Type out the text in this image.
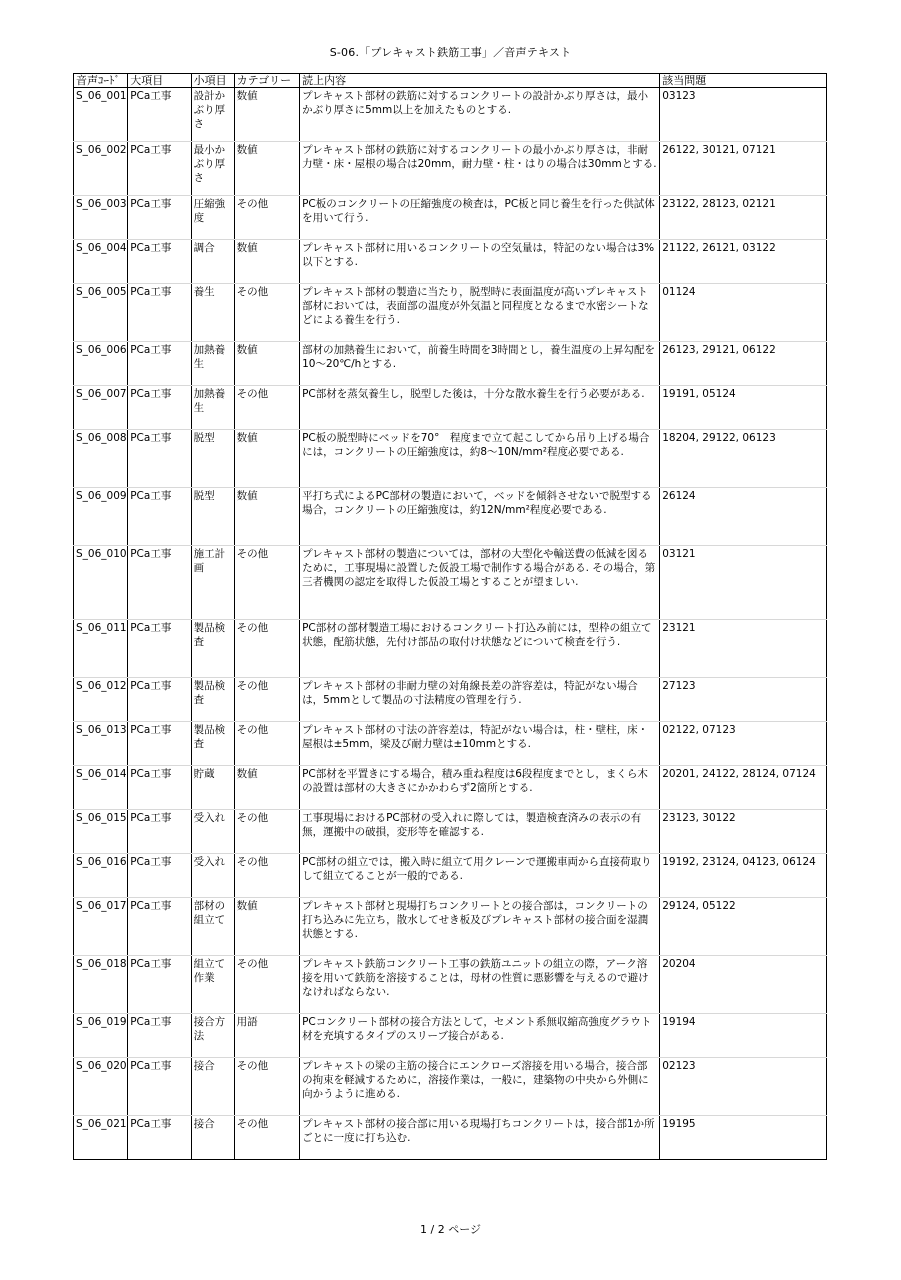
S-06.「プレキャスト鉄筋工事」／音声テキスト
音声ｺｰﾄﾞ	大項目	小項目	カテゴリー	読上内容	該当問題
S_06_001	PCa工事	設計かぶり厚さ	数値	プレキャスト部材の鉄筋に対するコンクリートの設計かぶり厚さは，最小かぶり厚さに5mm以上を加えたものとする.	03123
S_06_002	PCa工事	最小かぶり厚さ	数値	プレキャスト部材の鉄筋に対するコンクリートの最小かぶり厚さは，非耐力壁・床・屋根の場合は20mm，耐力壁・柱・はりの場合は30mmとする.	26122, 30121, 07121
S_06_003	PCa工事	圧縮強度	その他	PC板のコンクリートの圧縮強度の検査は，PC板と同じ養生を行った供試体を用いて行う.	23122, 28123, 02121
S_06_004	PCa工事	調合	数値	プレキャスト部材に用いるコンクリートの空気量は，特記のない場合は3%以下とする.	21122, 26121, 03122
S_06_005	PCa工事	養生	その他	プレキャスト部材の製造に当たり，脱型時に表面温度が高いプレキャスト部材においては，表面部の温度が外気温と同程度となるまで水密シートなどによる養生を行う.	01124
S_06_006	PCa工事	加熱養生	数値	部材の加熱養生において，前養生時間を3時間とし，養生温度の上昇勾配を10～20℃/hとする.	26123, 29121, 06122
S_06_007	PCa工事	加熱養生	その他	PC部材を蒸気養生し，脱型した後は，十分な散水養生を行う必要がある.	19191, 05124
S_06_008	PCa工事	脱型	数値	PC板の脱型時にベッドを70°　程度まで立て起こしてから吊り上げる場合には，コンクリートの圧縮強度は，約8～10N/mm²程度必要である.	18204, 29122, 06123
S_06_009	PCa工事	脱型	数値	平打ち式によるPC部材の製造において，ベッドを傾斜させないで脱型する場合，コンクリートの圧縮強度は，約12N/mm²程度必要である.	26124
S_06_010	PCa工事	施工計画	その他	プレキャスト部材の製造については，部材の大型化や輸送費の低減を図るために，工事現場に設置した仮設工場で制作する場合がある. その場合，第三者機関の認定を取得した仮設工場とすることが望ましい.	03121
S_06_011	PCa工事	製品検査	その他	PC部材の部材製造工場におけるコンクリート打込み前には，型枠の組立て状態，配筋状態，先付け部品の取付け状態などについて検査を行う.	23121
S_06_012	PCa工事	製品検査	その他	プレキャスト部材の非耐力壁の対角線長差の許容差は，特記がない場合は，5mmとして製品の寸法精度の管理を行う.	27123
S_06_013	PCa工事	製品検査	その他	プレキャスト部材の寸法の許容差は，特記がない場合は，柱・壁柱，床・屋根は±5mm，梁及び耐力壁は±10mmとする.	02122, 07123
S_06_014	PCa工事	貯蔵	数値	PC部材を平置きにする場合，積み重ね程度は6段程度までとし，まくら木の設置は部材の大きさにかかわらず2箇所とする.	20201, 24122, 28124, 07124
S_06_015	PCa工事	受入れ	その他	工事現場におけるPC部材の受入れに際しては，製造検査済みの表示の有無，運搬中の破損，変形等を確認する.	23123, 30122
S_06_016	PCa工事	受入れ	その他	PC部材の組立では，搬入時に組立て用クレーンで運搬車両から直接荷取りして組立てることが一般的である.	19192, 23124, 04123, 06124
S_06_017	PCa工事	部材の組立て	数値	プレキャスト部材と現場打ちコンクリートとの接合部は，コンクリートの打ち込みに先立ち，散水してせき板及びプレキャスト部材の接合面を湿潤状態とする.	29124, 05122
S_06_018	PCa工事	組立て作業	その他	プレキャスト鉄筋コンクリート工事の鉄筋ユニットの組立の際，アーク溶接を用いて鉄筋を溶接することは，母材の性質に悪影響を与えるので避けなければならない.	20204
S_06_019	PCa工事	接合方法	用語	PCコンクリート部材の接合方法として，セメント系無収縮高強度グラウト材を充填するタイプのスリーブ接合がある.	19194
S_06_020	PCa工事	接合	その他	プレキャストの梁の主筋の接合にエンクローズ溶接を用いる場合，接合部の拘束を軽減するために，溶接作業は，一般に，建築物の中央から外側に向かうように進める.	02123
S_06_021	PCa工事	接合	その他	プレキャスト部材の接合部に用いる現場打ちコンクリートは，接合部1か所ごとに一度に打ち込む.	19195
1 / 2 ページ
